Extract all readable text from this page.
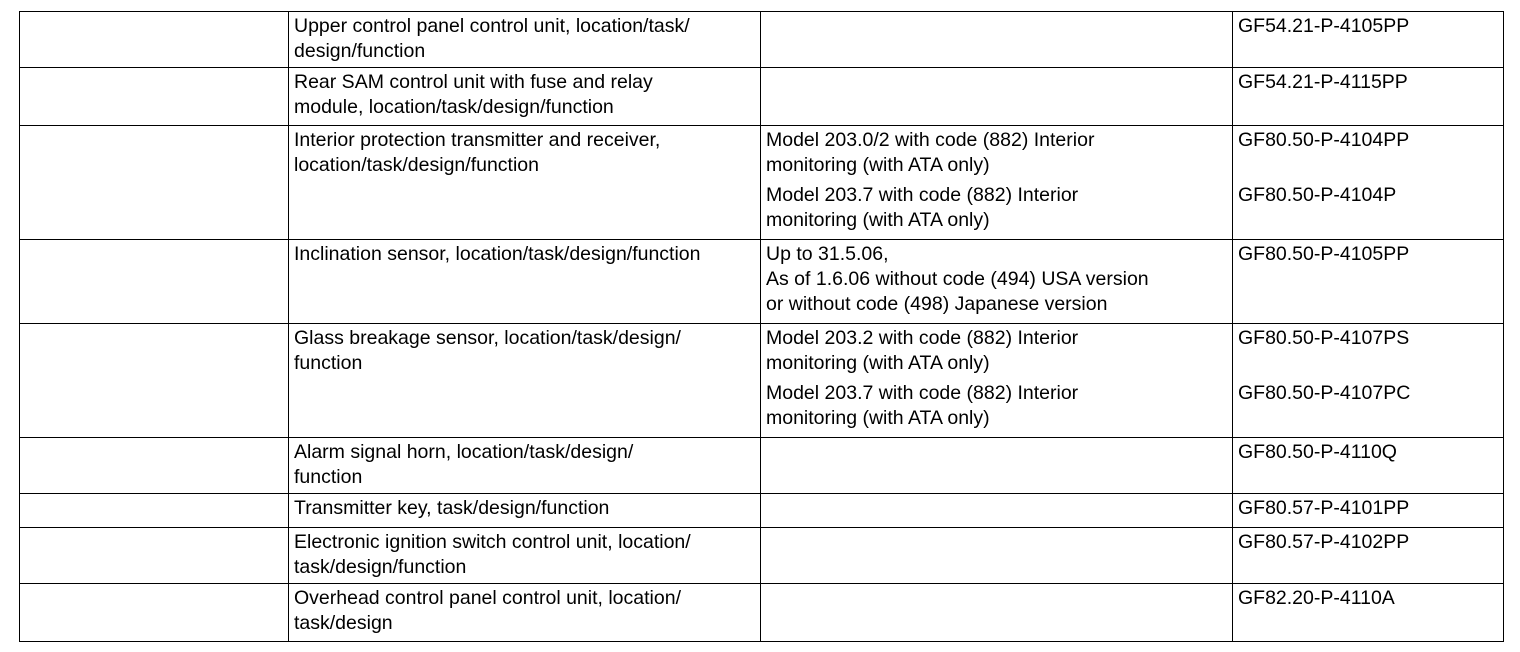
	Upper control panel control unit, location/task/
design/function		GF54.21-P-4105PP

	Rear SAM control unit with fuse and relay
module, location/task/design/function		GF54.21-P-4115PP

	Interior protection transmitter and receiver,
location/task/design/function	Model 203.0/2 with code (882) Interior
monitoring (with ATA only)
Model 203.7 with code (882) Interior
monitoring (with ATA only)	GF80.50-P-4104PP
GF80.50-P-4104P

	Inclination sensor, location/task/design/function	Up to 31.5.06,
As of 1.6.06 without code (494) USA version
or without code (498) Japanese version	GF80.50-P-4105PP

	Glass breakage sensor, location/task/design/
function	Model 203.2 with code (882) Interior
monitoring (with ATA only)
Model 203.7 with code (882) Interior
monitoring (with ATA only)	GF80.50-P-4107PS
GF80.50-P-4107PC

	Alarm signal horn, location/task/design/
function		GF80.50-P-4110Q

	Transmitter key, task/design/function		GF80.57-P-4101PP

	Electronic ignition switch control unit, location/
task/design/function		GF80.57-P-4102PP

	Overhead control panel control unit, location/
task/design		GF82.20-P-4110A
